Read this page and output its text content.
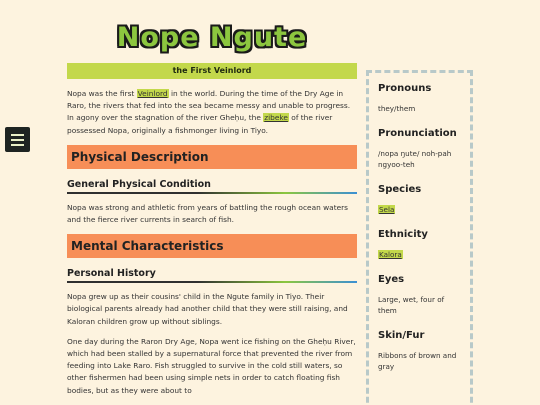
Nope Ngute
the First Veinlord

Nopa was the first Veinlord in the world. During the time of the Dry Age in Raro, the rivers that fed into the sea became messy and unable to progress. In agony over the stagnation of the river Gheḥu, the zibeke of the river possessed Nopa, originally a fishmonger living in Tiyo.

Physical Description
General Physical Condition

Nopa was strong and athletic from years of battling the rough ocean waters and the fierce river currents in search of fish.

Mental Characteristics
Personal History

Nopa grew up as their cousins' child in the Ngute family in Tiyo. Their biological parents already had another child that they were still raising, and Kaloran children grow up without siblings.

One day during the Raron Dry Age, Nopa went ice fishing on the Gheḥu River, which had been stalled by a supernatural force that prevented the river from feeding into Lake Raro. Fish struggled to survive in the cold still waters, so other fishermen had been using simple nets in order to catch floating fish bodies, but as they were about to

Pronouns
they/them
Pronunciation
/nopa ŋute/ noh-pah ngyoo-teh
Species
Sela
Ethnicity
Kalora
Eyes
Large, wet, four of them
Skin/Fur
Ribbons of brown and gray
